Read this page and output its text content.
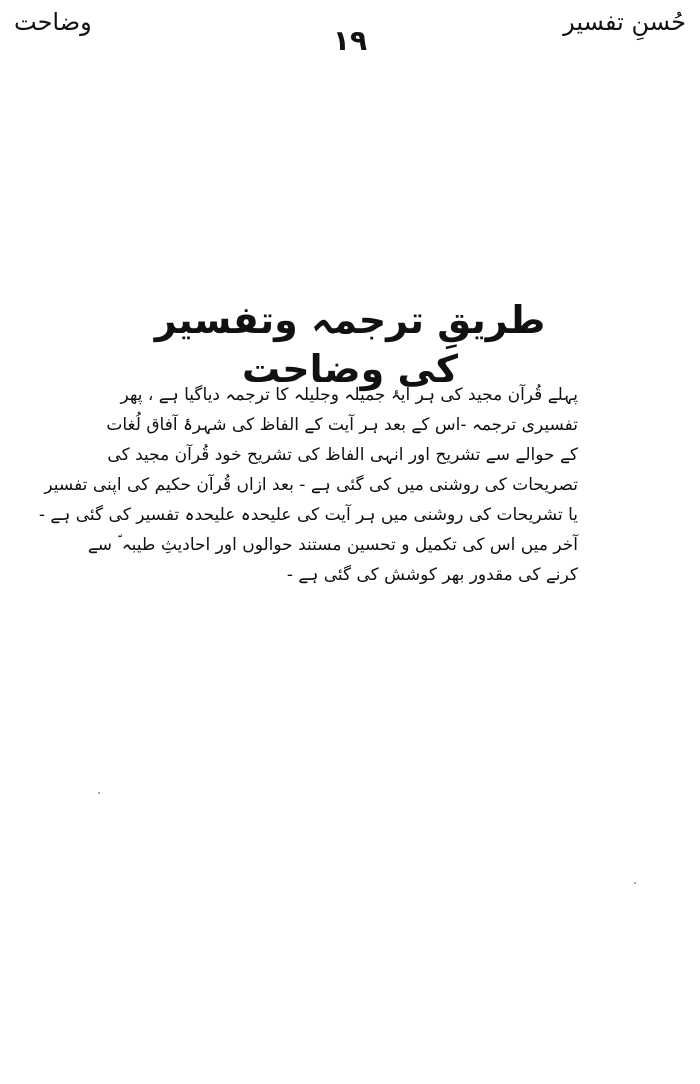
حُسنِ تفسیر
۱۹
وضاحت
طریقِ ترجمہ وتفسیر کی وضاحت
پہلے قُرآن مجید کی ہر آیۂ جمیلہ وجلیلہ کا ترجمہ دیاگیا ہے ، پھر
تفسیری ترجمہ -اس کے بعد ہر آیت کے الفاظ کی شہرۂ آفاق لُغات
کے حوالے سے تشریح اور انہی الفاظ کی تشریح خود قُرآن مجید کی
تصریحات کی روشنی میں کی گئی ہے - بعد ازاں قُرآن حکیم کی اپنی تفسیر
یا تشریحات کی روشنی میں ہر آیت کی علیحدہ علیحدہ تفسیر کی گئی ہے -
آخر میں اس کی تکمیل و تحسین مستند حوالوں اور احادیثِ طیبہ ؐ سے
کرنے کی مقدور بھر کوشش کی گئی ہے -
